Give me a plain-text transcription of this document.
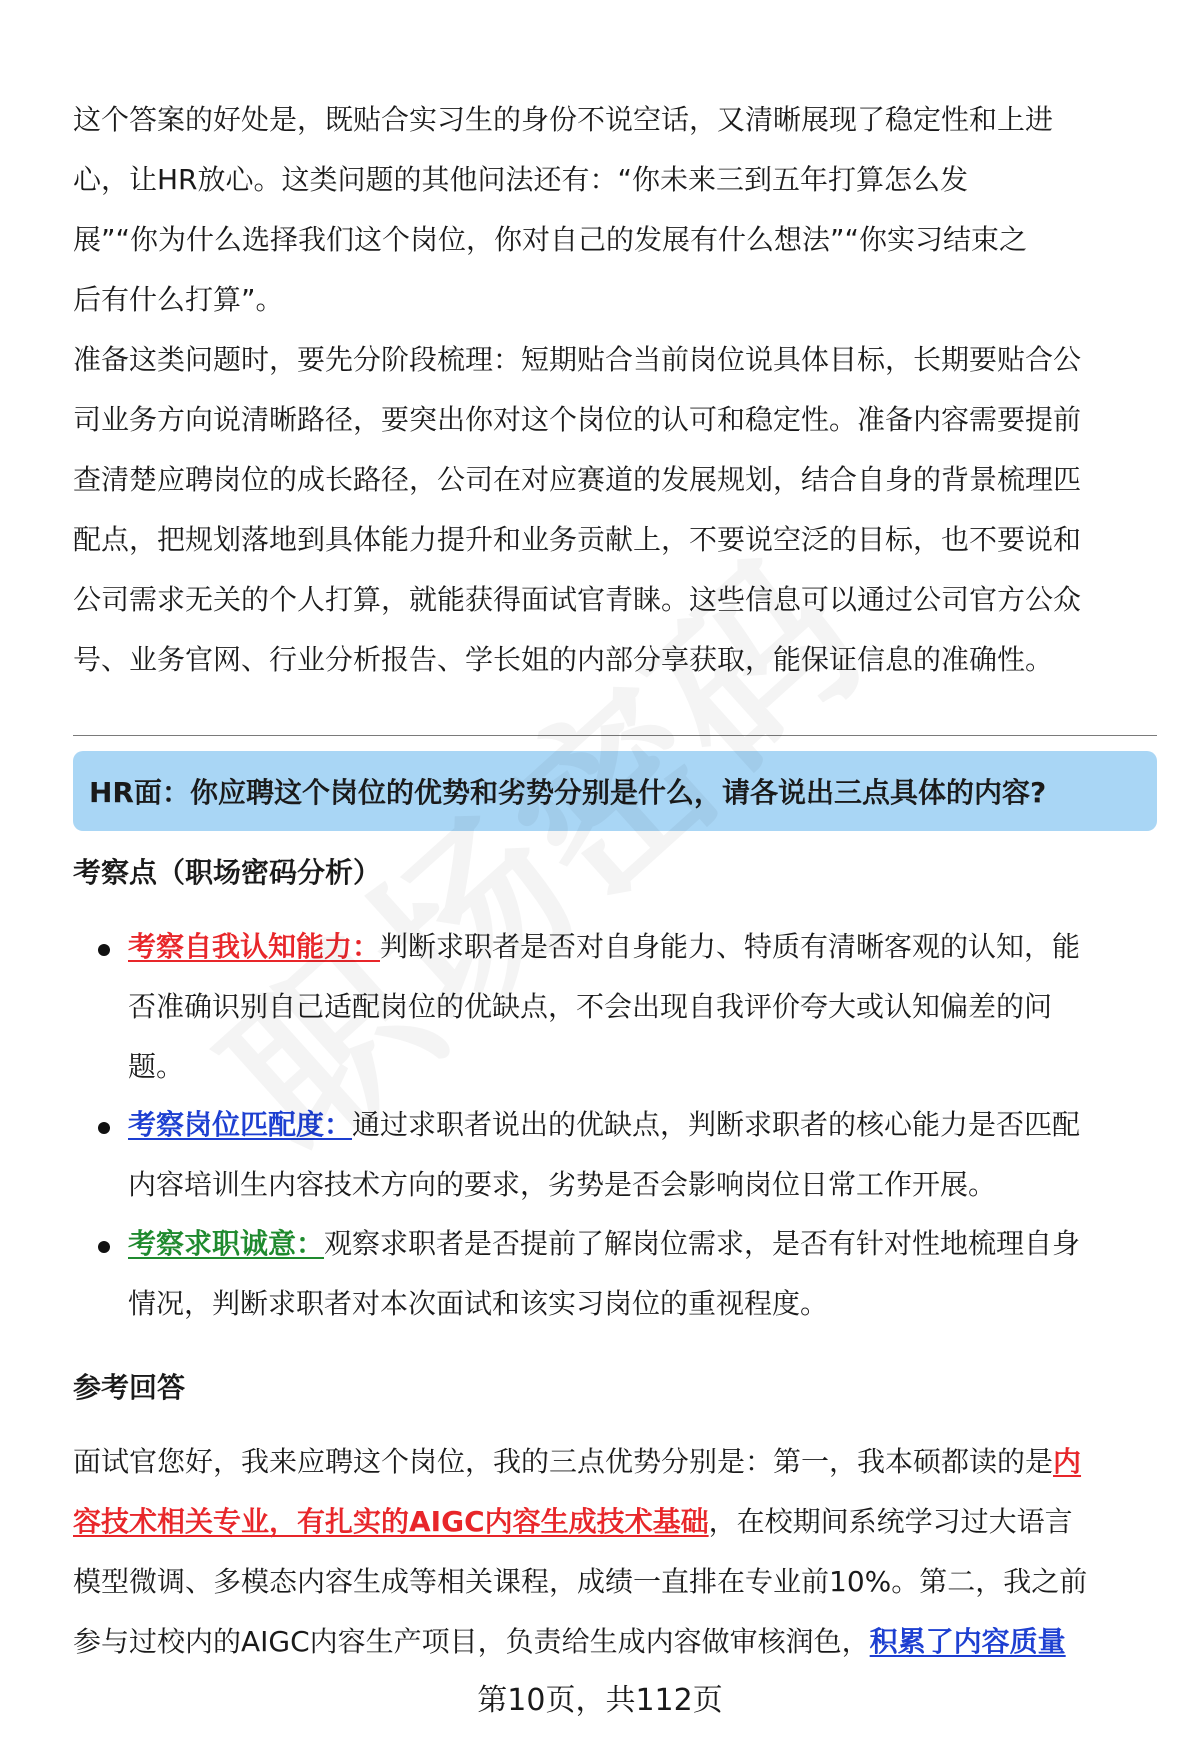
这个答案的好处是，既贴合实习生的身份不说空话，又清晰展现了稳定性和上进
心，让HR放心。这类问题的其他问法还有：“你未来三到五年打算怎么发
展”“你为什么选择我们这个岗位，你对自己的发展有什么想法”“你实习结束之
后有什么打算”。
准备这类问题时，要先分阶段梳理：短期贴合当前岗位说具体目标，长期要贴合公
司业务方向说清晰路径，要突出你对这个岗位的认可和稳定性。准备内容需要提前
查清楚应聘岗位的成长路径，公司在对应赛道的发展规划，结合自身的背景梳理匹
配点，把规划落地到具体能力提升和业务贡献上，不要说空泛的目标，也不要说和
公司需求无关的个人打算，就能获得面试官青睐。这些信息可以通过公司官方公众
号、业务官网、行业分析报告、学长姐的内部分享获取，能保证信息的准确性。
HR面：你应聘这个岗位的优势和劣势分别是什么，请各说出三点具体的内容?
考察点（职场密码分析）
考察自我认知能力：判断求职者是否对自身能力、特质有清晰客观的认知，能
否准确识别自己适配岗位的优缺点，不会出现自我评价夸大或认知偏差的问
题。
考察岗位匹配度：通过求职者说出的优缺点，判断求职者的核心能力是否匹配
内容培训生内容技术方向的要求，劣势是否会影响岗位日常工作开展。
考察求职诚意：观察求职者是否提前了解岗位需求，是否有针对性地梳理自身
情况，判断求职者对本次面试和该实习岗位的重视程度。
参考回答
面试官您好，我来应聘这个岗位，我的三点优势分别是：第一，我本硕都读的是内
容技术相关专业，有扎实的AIGC内容生成技术基础，在校期间系统学习过大语言
模型微调、多模态内容生成等相关课程，成绩一直排在专业前10%。第二，我之前
参与过校内的AIGC内容生产项目，负责给生成内容做审核润色，积累了内容质量
第10页，共112页
